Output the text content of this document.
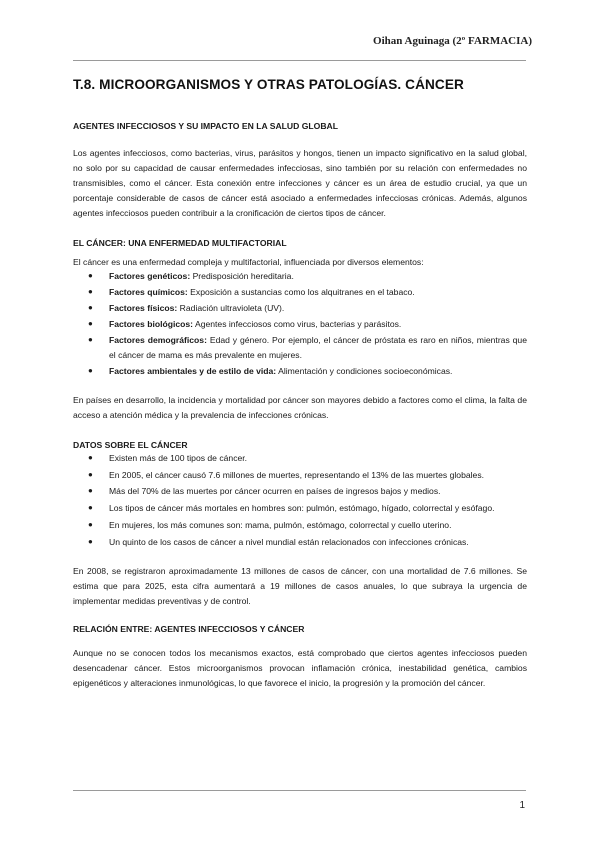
Oihan Aguinaga (2º FARMACIA)
T.8. MICROORGANISMOS Y OTRAS PATOLOGÍAS. CÁNCER

AGENTES INFECCIOSOS Y SU IMPACTO EN LA SALUD GLOBAL

Los agentes infecciosos, como bacterias, virus, parásitos y hongos, tienen un impacto significativo en la salud global, no solo por su capacidad de causar enfermedades infecciosas, sino también por su relación con enfermedades no transmisibles, como el cáncer. Esta conexión entre infecciones y cáncer es un área de estudio crucial, ya que un porcentaje considerable de casos de cáncer está asociado a enfermedades infecciosas crónicas. Además, algunos agentes infecciosos pueden contribuir a la cronificación de ciertos tipos de cáncer.

EL CÁNCER: UNA ENFERMEDAD MULTIFACTORIAL

El cáncer es una enfermedad compleja y multifactorial, influenciada por diversos elementos:

● Factores genéticos: Predisposición hereditaria.
● Factores químicos: Exposición a sustancias como los alquitranes en el tabaco.
● Factores físicos: Radiación ultravioleta (UV).
● Factores biológicos: Agentes infecciosos como virus, bacterias y parásitos.
● Factores demográficos: Edad y género. Por ejemplo, el cáncer de próstata es raro en niños, mientras que el cáncer de mama es más prevalente en mujeres.
● Factores ambientales y de estilo de vida: Alimentación y condiciones socioeconómicas.

En países en desarrollo, la incidencia y mortalidad por cáncer son mayores debido a factores como el clima, la falta de acceso a atención médica y la prevalencia de infecciones crónicas.

DATOS SOBRE EL CÁNCER

● Existen más de 100 tipos de cáncer.
● En 2005, el cáncer causó 7.6 millones de muertes, representando el 13% de las muertes globales.
● Más del 70% de las muertes por cáncer ocurren en países de ingresos bajos y medios.
● Los tipos de cáncer más mortales en hombres son: pulmón, estómago, hígado, colorrectal y esófago.
● En mujeres, los más comunes son: mama, pulmón, estómago, colorrectal y cuello uterino.
● Un quinto de los casos de cáncer a nivel mundial están relacionados con infecciones crónicas.

En 2008, se registraron aproximadamente 13 millones de casos de cáncer, con una mortalidad de 7.6 millones. Se estima que para 2025, esta cifra aumentará a 19 millones de casos anuales, lo que subraya la urgencia de implementar medidas preventivas y de control.

RELACIÓN ENTRE: AGENTES INFECCIOSOS Y CÁNCER

Aunque no se conocen todos los mecanismos exactos, está comprobado que ciertos agentes infecciosos pueden desencadenar cáncer. Estos microorganismos provocan inflamación crónica, inestabilidad genética, cambios epigenéticos y alteraciones inmunológicas, lo que favorece el inicio, la progresión y la promoción del cáncer.

1
